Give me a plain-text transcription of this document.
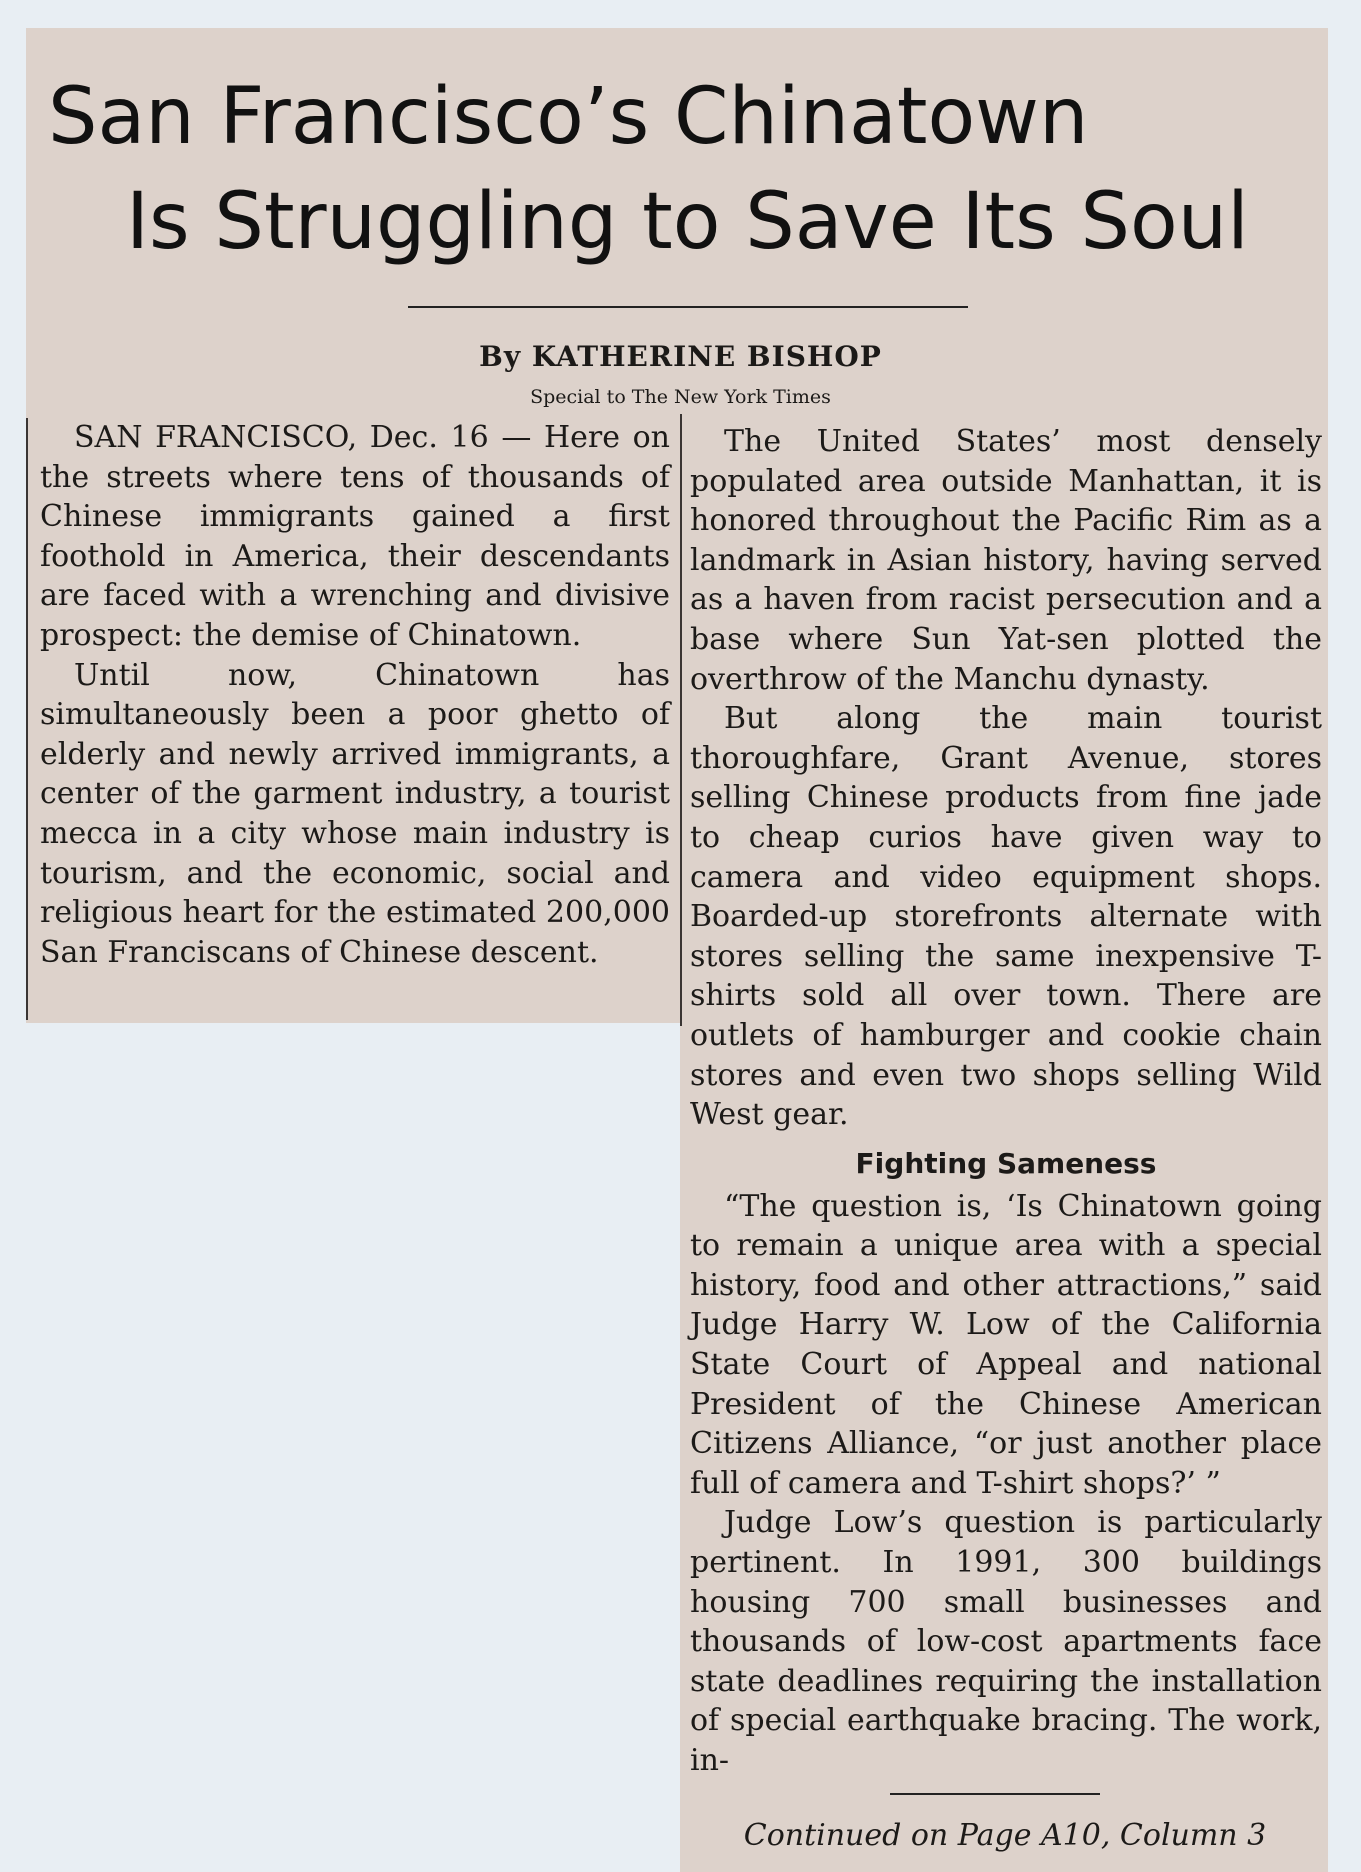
San Francisco’s Chinatown
Is Struggling to Save Its Soul
By KATHERINE BISHOP
Special to The New York Times

SAN FRANCISCO, Dec. 16 — Here on the streets where tens of thousands of Chinese immigrants gained a first foothold in America, their descendants are faced with a wrenching and divisive prospect: the demise of Chinatown.

Until now, Chinatown has simultaneously been a poor ghetto of elderly and newly arrived immigrants, a center of the garment industry, a tourist mecca in a city whose main industry is tourism, and the economic, social and religious heart for the estimated 200,000 San Franciscans of Chinese descent.

The United States’ most densely populated area outside Manhattan, it is honored throughout the Pacific Rim as a landmark in Asian history, having served as a haven from racist persecution and a base where Sun Yat-sen plotted the overthrow of the Manchu dynasty.

But along the main tourist thoroughfare, Grant Avenue, stores selling Chinese products from fine jade to cheap curios have given way to camera and video equipment shops. Boarded-up storefronts alternate with stores selling the same inexpensive T-shirts sold all over town. There are outlets of hamburger and cookie chain stores and even two shops selling Wild West gear.

Fighting Sameness

“The question is, ‘Is Chinatown going to remain a unique area with a special history, food and other attractions,” said Judge Harry W. Low of the California State Court of Appeal and national President of the Chinese American Citizens Alliance, “or just another place full of camera and T-shirt shops?’ ”

Judge Low’s question is particularly pertinent. In 1991, 300 buildings housing 700 small businesses and thousands of low-cost apartments face state deadlines requiring the installation of special earthquake bracing. The work, in-

Continued on Page A10, Column 3
